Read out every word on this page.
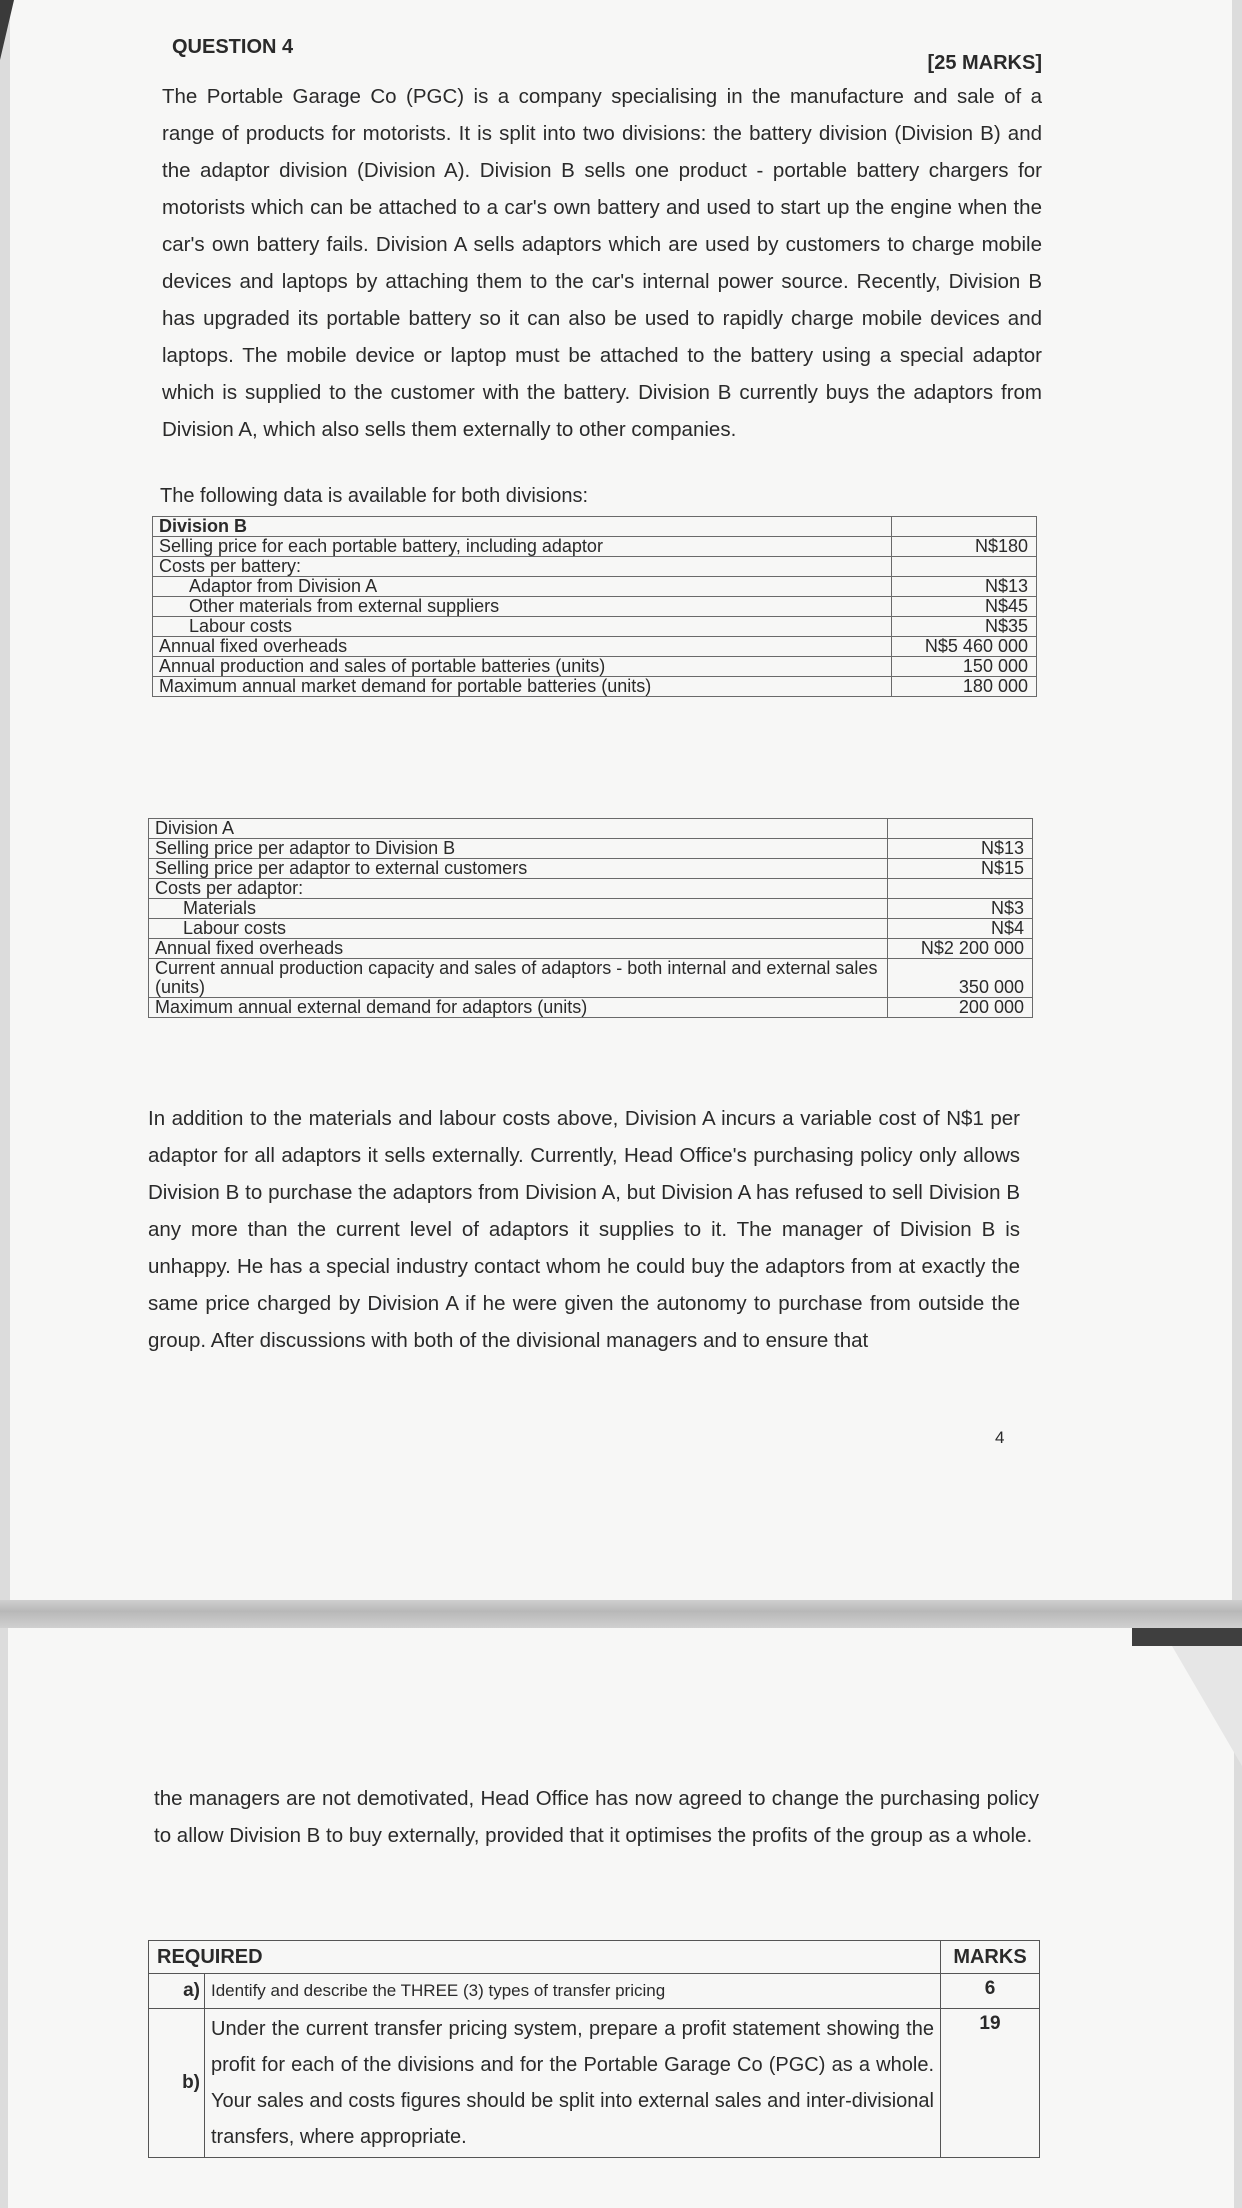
QUESTION 4
[25 MARKS]
The Portable Garage Co (PGC) is a company specialising in the manufacture and sale of a range of products for motorists. It is split into two divisions: the battery division (Division B) and the adaptor division (Division A). Division B sells one product - portable battery chargers for motorists which can be attached to a car's own battery and used to start up the engine when the car's own battery fails. Division A sells adaptors which are used by customers to charge mobile devices and laptops by attaching them to the car's internal power source. Recently, Division B has upgraded its portable battery so it can also be used to rapidly charge mobile devices and laptops. The mobile device or laptop must be attached to the battery using a special adaptor which is supplied to the customer with the battery. Division B currently buys the adaptors from Division A, which also sells them externally to other companies.
The following data is available for both divisions:
Division B	
Selling price for each portable battery, including adaptor	N$180
Costs per battery:	
Adaptor from Division A	N$13
Other materials from external suppliers	N$45
Labour costs	N$35
Annual fixed overheads	N$5 460 000
Annual production and sales of portable batteries (units)	150 000
Maximum annual market demand for portable batteries (units)	180 000
Division A	
Selling price per adaptor to Division B	N$13
Selling price per adaptor to external customers	N$15
Costs per adaptor:	
Materials	N$3
Labour costs	N$4
Annual fixed overheads	N$2 200 000
Current annual production capacity and sales of adaptors - both internal and external sales (units)	350 000
Maximum annual external demand for adaptors (units)	200 000
In addition to the materials and labour costs above, Division A incurs a variable cost of N$1 per adaptor for all adaptors it sells externally. Currently, Head Office's purchasing policy only allows Division B to purchase the adaptors from Division A, but Division A has refused to sell Division B any more than the current level of adaptors it supplies to it. The manager of Division B is unhappy. He has a special industry contact whom he could buy the adaptors from at exactly the same price charged by Division A if he were given the autonomy to purchase from outside the group. After discussions with both of the divisional managers and to ensure that
4
the managers are not demotivated, Head Office has now agreed to change the purchasing policy to allow Division B to buy externally, provided that it optimises the profits of the group as a whole.
REQUIRED		MARKS
a)	Identify and describe the THREE (3) types of transfer pricing	6
b)	Under the current transfer pricing system, prepare a profit statement showing the profit for each of the divisions and for the Portable Garage Co (PGC) as a whole. Your sales and costs figures should be split into external sales and inter-divisional transfers, where appropriate.	19
